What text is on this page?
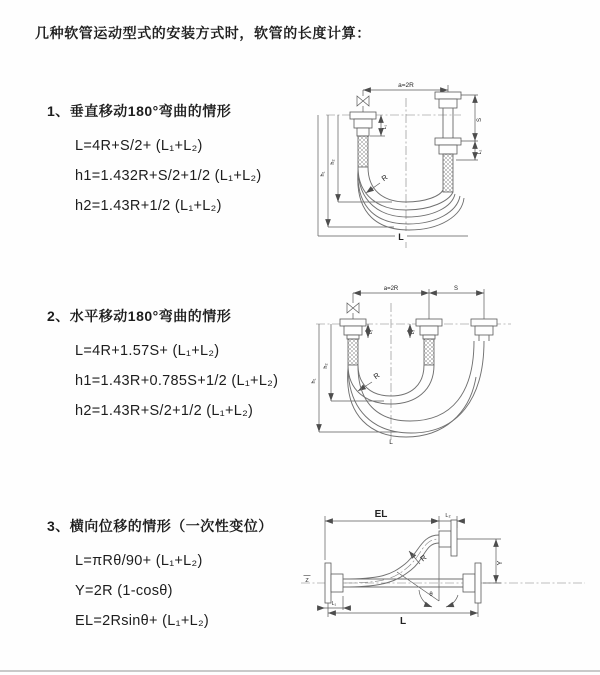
几种软管运动型式的安装方式时，软管的长度计算：
1、垂直移动180°弯曲的情形
L=4R+S/2+ (L₁+L₂)
h1=1.432R+S/2+1/2 (L₁+L₂)
h2=1.43R+1/2 (L₁+L₂)
2、水平移动180°弯曲的情形
L=4R+1.57S+ (L₁+L₂)
h1=1.43R+0.785S+1/2 (L₁+L₂)
h2=1.43R+S/2+1/2 (L₁+L₂)
3、横向位移的情形（一次性变位）
L=πRθ/90+ (L₁+L₂)
Y=2R (1-cosθ)
EL=2Rsinθ+ (L₁+L₂)
a=2R
S
L₂
L₁
h₁
h₂
R
L
a=2R	S
L₁	L₂
h₁
h₂
R
L
EL	L₂
Y
R
θ
L
L₁
Z
